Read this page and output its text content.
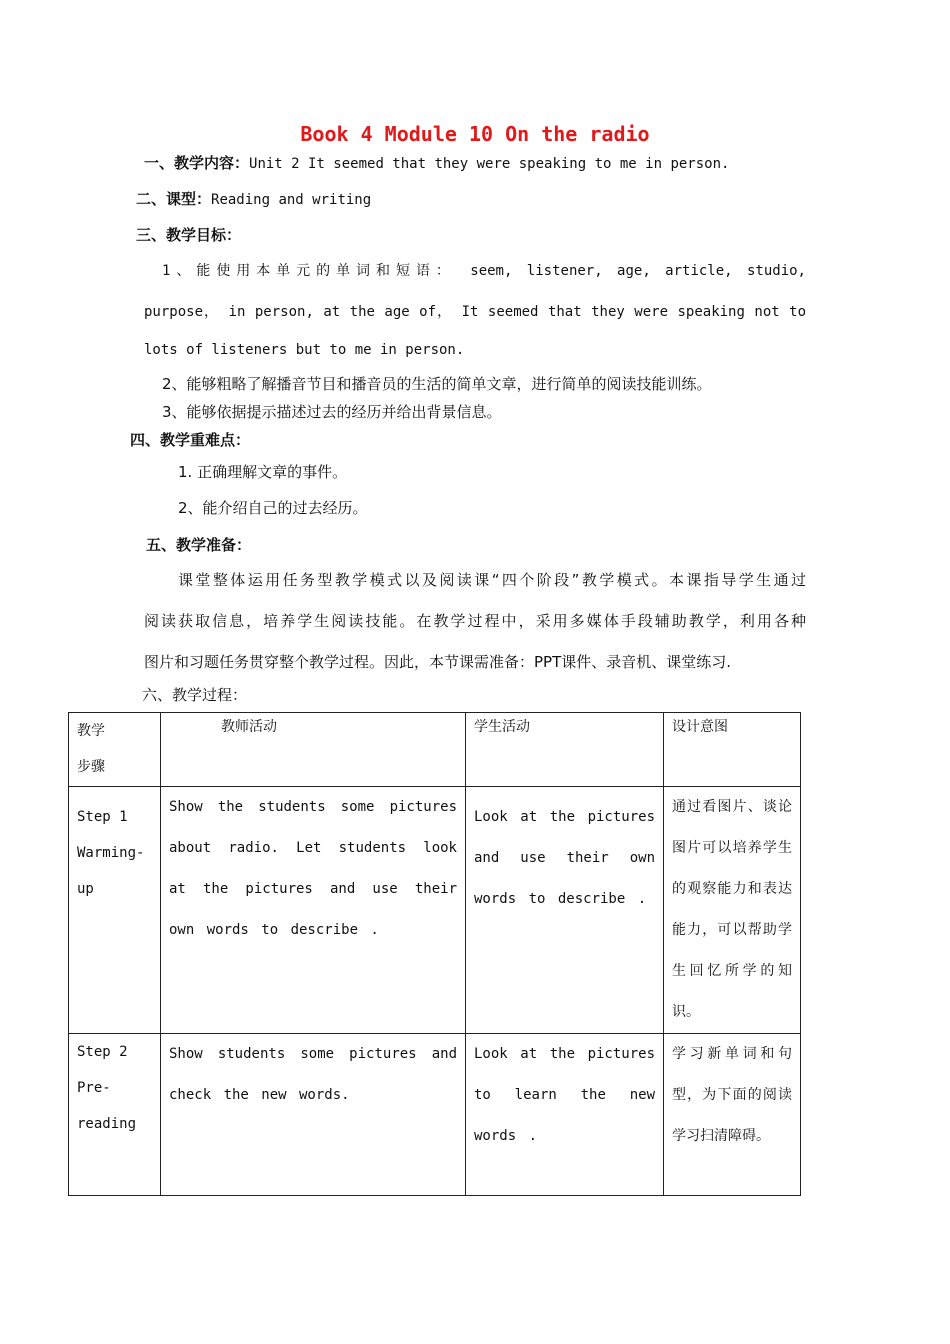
Book 4 Module 10 On the radio
一、教学内容：Unit 2 It seemed that they were speaking to me in person.
二、课型：Reading and writing
三、教学目标：
1、能使用本单元的单词和短语： seem, listener, age, article, studio,
purpose， in person, at the age of， It seemed that they were speaking not to
lots of listeners but to me in person.
2、能够粗略了解播音节目和播音员的生活的简单文章，进行简单的阅读技能训练。
3、能够依据提示描述过去的经历并给出背景信息。
四、教学重难点：
1. 正确理解文章的事件。
2、能介绍自己的过去经历。
五、教学准备：
课堂整体运用任务型教学模式以及阅读课“四个阶段”教学模式。本课指导学生通过
阅读获取信息，培养学生阅读技能。在教学过程中，采用多媒体手段辅助教学，利用各种
图片和习题任务贯穿整个教学过程。因此，本节课需准备：PPT课件、录音机、课堂练习.
六、教学过程：
教学
步骤	教师活动	学生活动	设计意图
Step 1
Warming-
up	Show the students some pictures about radio. Let students look at the pictures and use their own words to describe .	Look at the pictures and use their own words to describe .	通过看图片、谈论图片可以培养学生的观察能力和表达能力，可以帮助学生回忆所学的知识。
Step 2
Pre-
reading	Show students some pictures and check the new words.	Look at the pictures to learn the new words .	学习新单词和句型，为下面的阅读学习扫清障碍。
